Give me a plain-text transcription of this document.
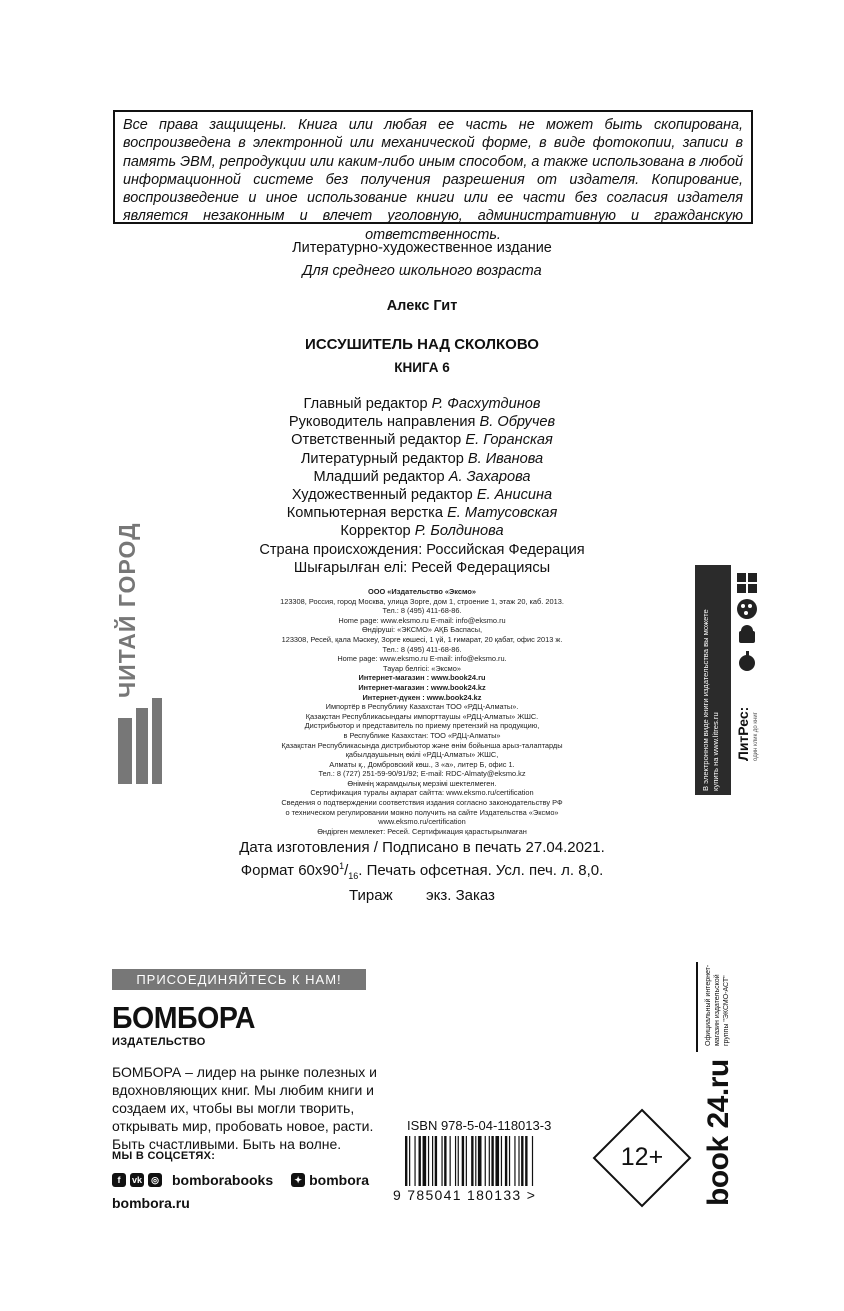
Все права защищены. Книга или любая ее часть не может быть скопирована, воспроизведена в электронной или механической форме, в виде фотокопии, записи в память ЭВМ, репродукции или каким-либо иным способом, а также использована в любой информационной системе без получения разрешения от издателя. Копирование, воспроизведение и иное использование книги или ее части без согласия издателя является незаконным и влечет уголовную, административную и гражданскую ответственность.
Литературно-художественное издание
Для среднего школьного возраста
Алекс Гит
ИССУШИТЕЛЬ НАД СКОЛКОВО
КНИГА 6
Главный редактор Р. Фасхутдинов
Руководитель направления В. Обручев
Ответственный редактор Е. Горанская
Литературный редактор В. Иванова
Младший редактор А. Захарова
Художественный редактор Е. Анисина
Компьютерная верстка Е. Матусовская
Корректор Р. Болдинова
Страна происхождения: Российская Федерация
Шығарылған елі: Ресей Федерациясы
ООО «Издательство «Эксмо»
123308, Россия, город Москва, улица Зорге, дом 1, строение 1, этаж 20, каб. 2013.
Тел.: 8 (495) 411-68-86.
Home page: www.eksmo.ru E-mail: info@eksmo.ru
Өндіруші: «ЭКСМО» АҚБ Баспасы,
123308, Ресей, қала Мәскеу, Зорге көшесі, 1 үй, 1 ғимарат, 20 қабат, офис 2013 ж.
Тел.: 8 (495) 411-68-86.
Home page: www.eksmo.ru E-mail: info@eksmo.ru.
Тауар белгісі: «Эксмо»
Интернет-магазин : www.book24.ru
Интернет-магазин : www.book24.kz
Интернет-дүкен : www.book24.kz
Импортёр в Республику Казахстан ТОО «РДЦ-Алматы».
Қазақстан Республикасындағы импорттаушы «РДЦ-Алматы» ЖШС.
Дистрибьютор и представитель по приему претензий на продукцию,
в Республике Казахстан: ТОО «РДЦ-Алматы»
Қазақстан Республикасында дистрибьютор және өнім бойынша арыз-талаптарды
қабылдаушының өкілі «РДЦ-Алматы» ЖШС,
Алматы қ., Домбровский көш., 3 «а», литер Б, офис 1.
Тел.: 8 (727) 251-59-90/91/92; E-mail: RDC-Almaty@eksmo.kz
Өнімнің жарамдылық мерзімі шектелмеген.
Сертификация туралы ақпарат сайтта: www.eksmo.ru/certification
Сведения о подтверждении соответствия издания согласно законодательству РФ
о техническом регулировании можно получить на сайте Издательства «Эксмо»
www.eksmo.ru/certification
Өндірген мемлекет: Ресей. Сертификация қарастырылмаған
Дата изготовления / Подписано в печать 27.04.2021.
Формат $60x90^1/_{16}$. Печать офсетная. Усл. печ. л. 8,0.
Тираж        экз. Заказ
ЧИТАЙ ГОРОД	В электронном виде книги издательства вы можете купить на www.litres.ru ЛитРес: один клик до книг
ПРИСОЕДИНЯЙТЕСЬ К НАМ!
БОМБОРА
ИЗДАТЕЛЬСТВО
БОМБОРА – лидер на рынке полезных и вдохновляющих книг. Мы любим книги и создаем их, чтобы вы могли творить, открывать мир, пробовать новое, расти. Быть счастливыми. Быть на волне.
МЫ В СОЦСЕТЯХ:
f	vk	◎ bomborabooks	✦ bombora
bombora.ru
ISBN 978-5-04-118013-3
9 785041 180133 >
12+
Официальный интернет-магазин издательской группы "ЭКСМО-АСТ"
book 24.ru
